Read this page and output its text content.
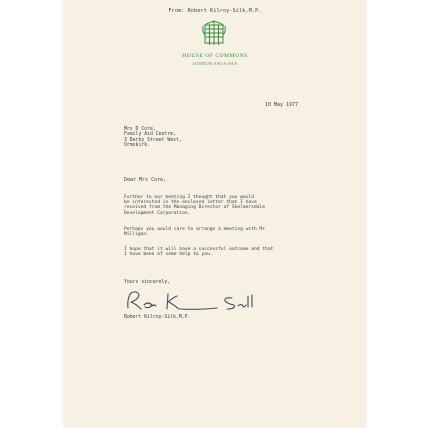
From: Robert Kilroy-Silk,M.P.
HOUSE OF COMMONS
LONDON SW1A 0AA
10 May 1977
Mrs D Core,
Family Aid Centre,
3 Derby Street West,
Ormskirk.
Dear Mrs Core,
Further to our meeting I thought that you would
be interested in the enclosed letter that I have
received from the Managing Director of Skelmersdale
Development Corporation.
Perhaps you would care to arrange a meeting with Mr
Milligan.
I hope that it will have a successful outcome and that
I have been of some help to you.
Yours sincerely,
Robert Kilroy-Silk,M.P.
